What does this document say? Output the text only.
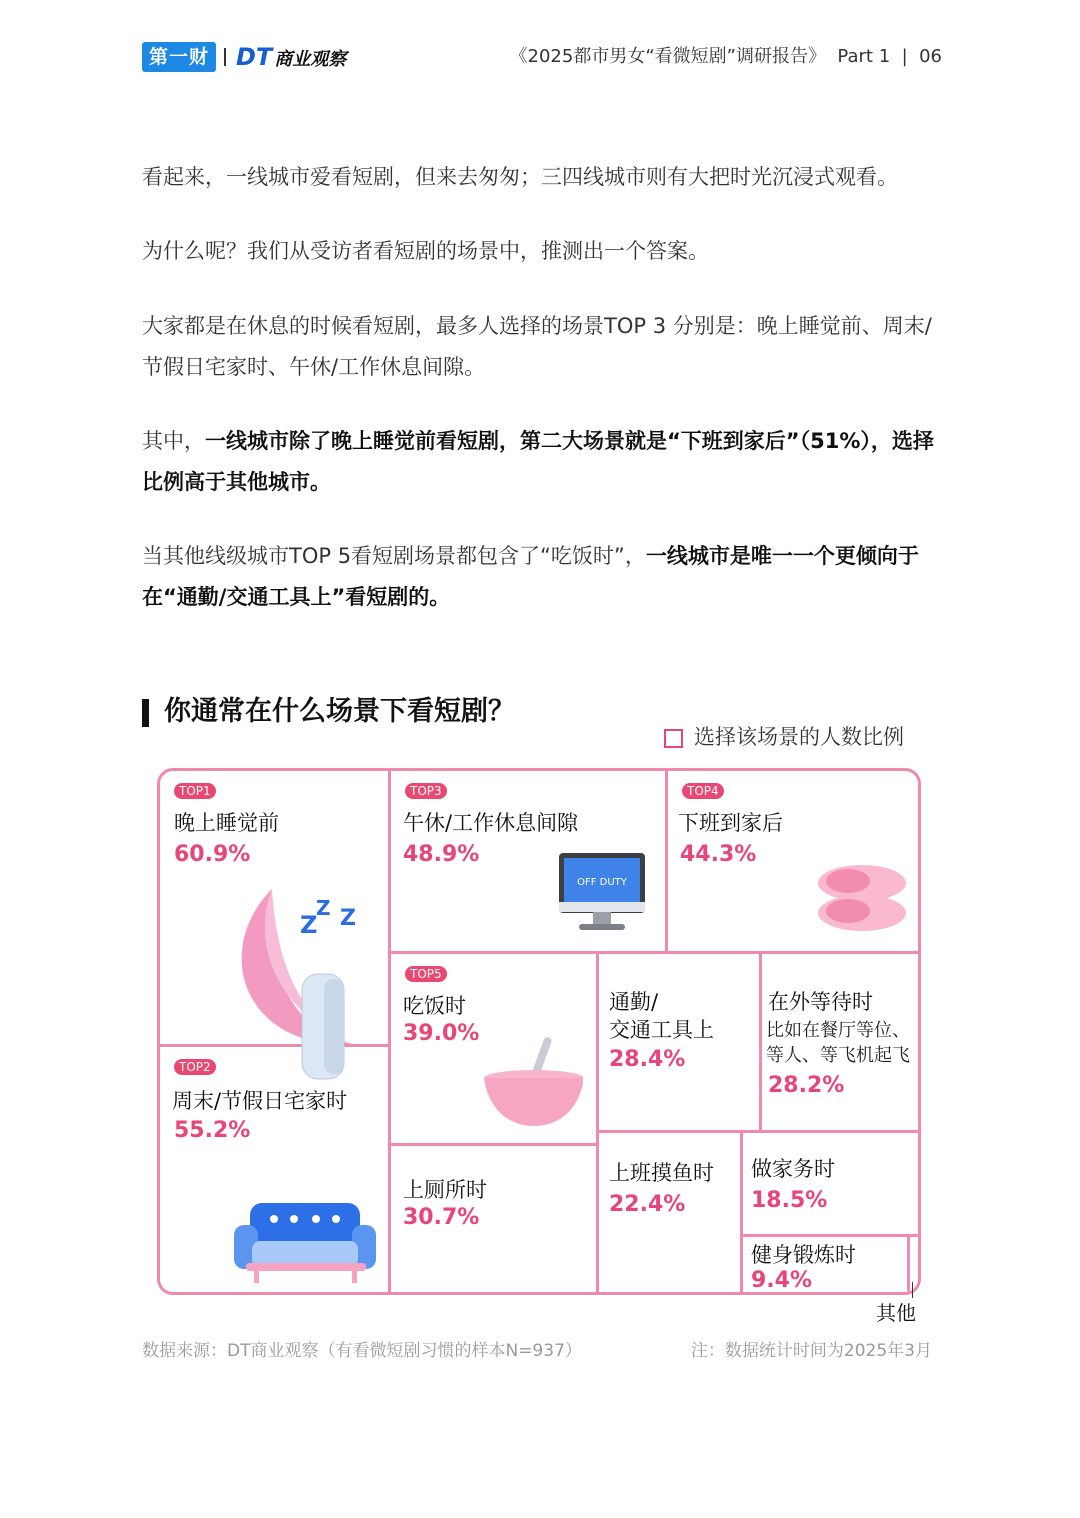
第一财经
DT 商业观察	《2025都市男女“看微短剧”调研报告》  Part 1  |  06

看起来，一线城市爱看短剧，但来去匆匆；三四线城市则有大把时光沉浸式观看。

为什么呢？我们从受访者看短剧的场景中，推测出一个答案。

大家都是在休息的时候看短剧，最多人选择的场景TOP 3 分别是：晚上睡觉前、周末/节假日宅家时、午休/工作休息间隙。

其中，一线城市除了晚上睡觉前看短剧，第二大场景就是“下班到家后”（51%），选择比例高于其他城市。

当其他线级城市TOP 5看短剧场景都包含了“吃饭时”，一线城市是唯一一个更倾向于在“通勤/交通工具上”看短剧的。

你通常在什么场景下看短剧？
选择该场景的人数比例
TOP1
晚上睡觉前
60.9%
Z
Z Z
TOP2
周末/节假日宅家时
55.2%
TOP3
午休/工作休息间隙
48.9%
OFF DUTY
TOP4
下班到家后
44.3%
TOP5
吃饭时
39.0%
通勤/
交通工具上
28.4%
在外等待时
比如在餐厅等位、
等人、等飞机起飞
28.2%
上厕所时
30.7%
上班摸鱼时
22.4%
做家务时
18.5%
健身锻炼时
9.4%
其他
数据来源：DT商业观察（有看微短剧习惯的样本N=937）	注：数据统计时间为2025年3月
